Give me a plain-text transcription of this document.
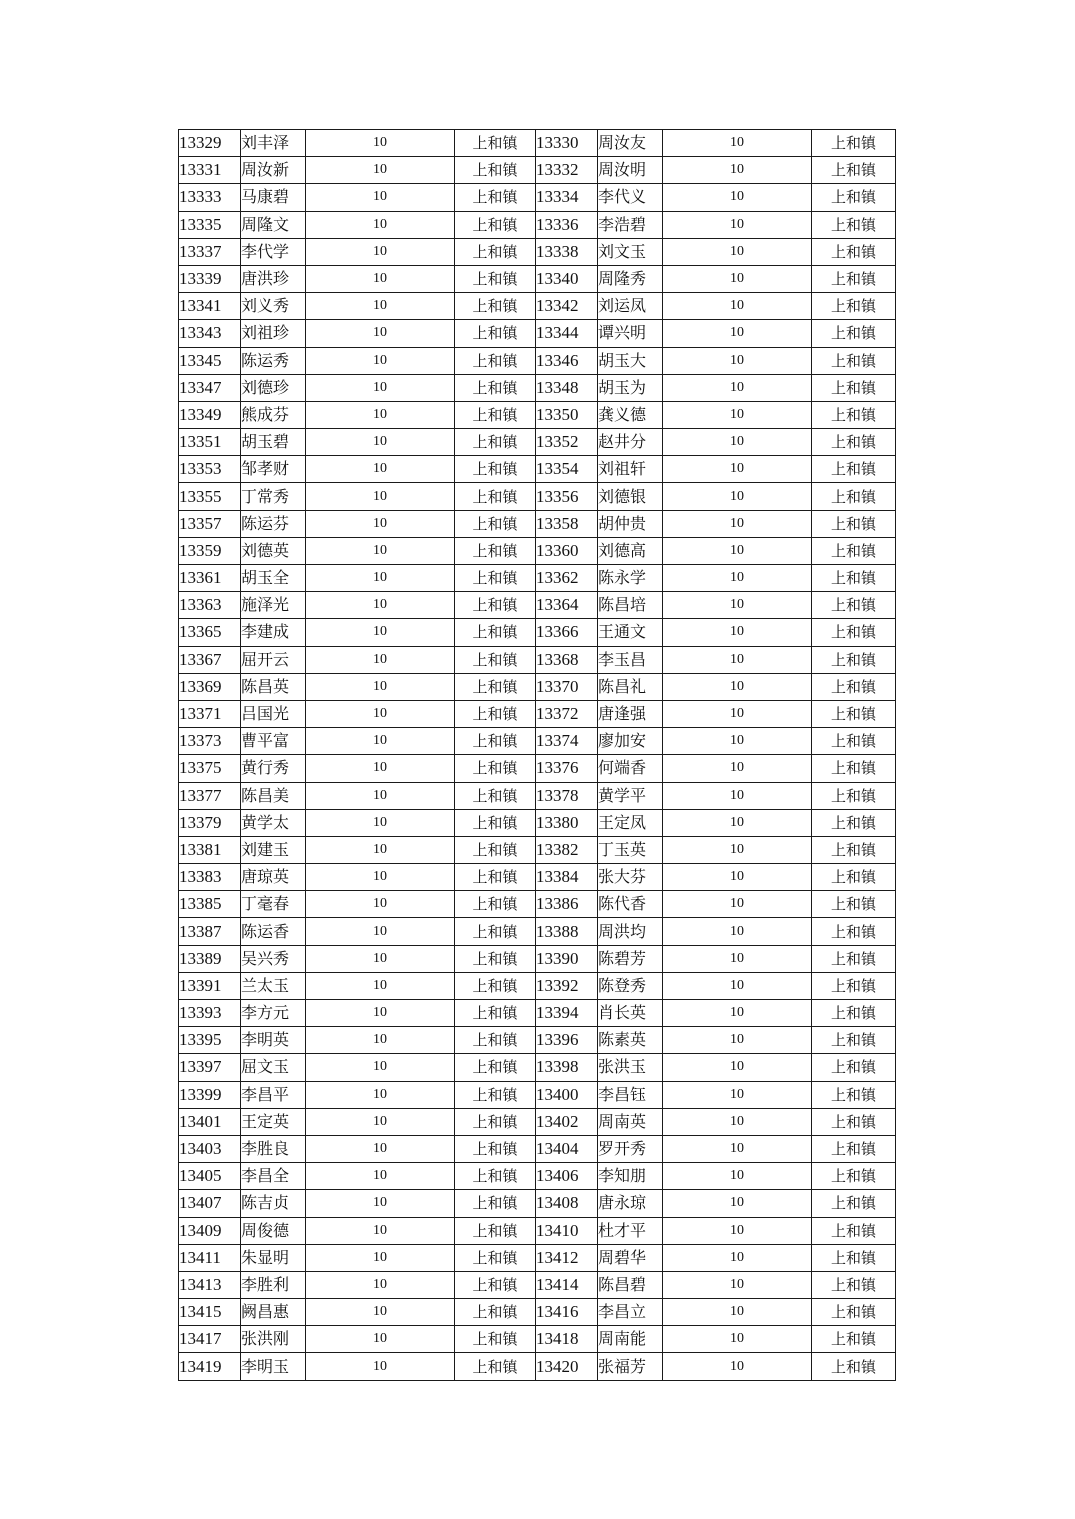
13329	刘丰泽	10	上和镇	13330	周汝友	10	上和镇
13331	周汝新	10	上和镇	13332	周汝明	10	上和镇
13333	马康碧	10	上和镇	13334	李代义	10	上和镇
13335	周隆文	10	上和镇	13336	李浩碧	10	上和镇
13337	李代学	10	上和镇	13338	刘文玉	10	上和镇
13339	唐洪珍	10	上和镇	13340	周隆秀	10	上和镇
13341	刘义秀	10	上和镇	13342	刘运凤	10	上和镇
13343	刘祖珍	10	上和镇	13344	谭兴明	10	上和镇
13345	陈运秀	10	上和镇	13346	胡玉大	10	上和镇
13347	刘德珍	10	上和镇	13348	胡玉为	10	上和镇
13349	熊成芬	10	上和镇	13350	龚义德	10	上和镇
13351	胡玉碧	10	上和镇	13352	赵井分	10	上和镇
13353	邹孝财	10	上和镇	13354	刘祖轩	10	上和镇
13355	丁常秀	10	上和镇	13356	刘德银	10	上和镇
13357	陈运芬	10	上和镇	13358	胡仲贵	10	上和镇
13359	刘德英	10	上和镇	13360	刘德高	10	上和镇
13361	胡玉全	10	上和镇	13362	陈永学	10	上和镇
13363	施泽光	10	上和镇	13364	陈昌培	10	上和镇
13365	李建成	10	上和镇	13366	王通文	10	上和镇
13367	屈开云	10	上和镇	13368	李玉昌	10	上和镇
13369	陈昌英	10	上和镇	13370	陈昌礼	10	上和镇
13371	吕国光	10	上和镇	13372	唐逢强	10	上和镇
13373	曹平富	10	上和镇	13374	廖加安	10	上和镇
13375	黄行秀	10	上和镇	13376	何端香	10	上和镇
13377	陈昌美	10	上和镇	13378	黄学平	10	上和镇
13379	黄学太	10	上和镇	13380	王定凤	10	上和镇
13381	刘建玉	10	上和镇	13382	丁玉英	10	上和镇
13383	唐琼英	10	上和镇	13384	张大芬	10	上和镇
13385	丁毫春	10	上和镇	13386	陈代香	10	上和镇
13387	陈运香	10	上和镇	13388	周洪均	10	上和镇
13389	吴兴秀	10	上和镇	13390	陈碧芳	10	上和镇
13391	兰太玉	10	上和镇	13392	陈登秀	10	上和镇
13393	李方元	10	上和镇	13394	肖长英	10	上和镇
13395	李明英	10	上和镇	13396	陈素英	10	上和镇
13397	屈文玉	10	上和镇	13398	张洪玉	10	上和镇
13399	李昌平	10	上和镇	13400	李昌钰	10	上和镇
13401	王定英	10	上和镇	13402	周南英	10	上和镇
13403	李胜良	10	上和镇	13404	罗开秀	10	上和镇
13405	李昌全	10	上和镇	13406	李知朋	10	上和镇
13407	陈吉贞	10	上和镇	13408	唐永琼	10	上和镇
13409	周俊德	10	上和镇	13410	杜才平	10	上和镇
13411	朱显明	10	上和镇	13412	周碧华	10	上和镇
13413	李胜利	10	上和镇	13414	陈昌碧	10	上和镇
13415	阙昌惠	10	上和镇	13416	李昌立	10	上和镇
13417	张洪刚	10	上和镇	13418	周南能	10	上和镇
13419	李明玉	10	上和镇	13420	张福芳	10	上和镇
